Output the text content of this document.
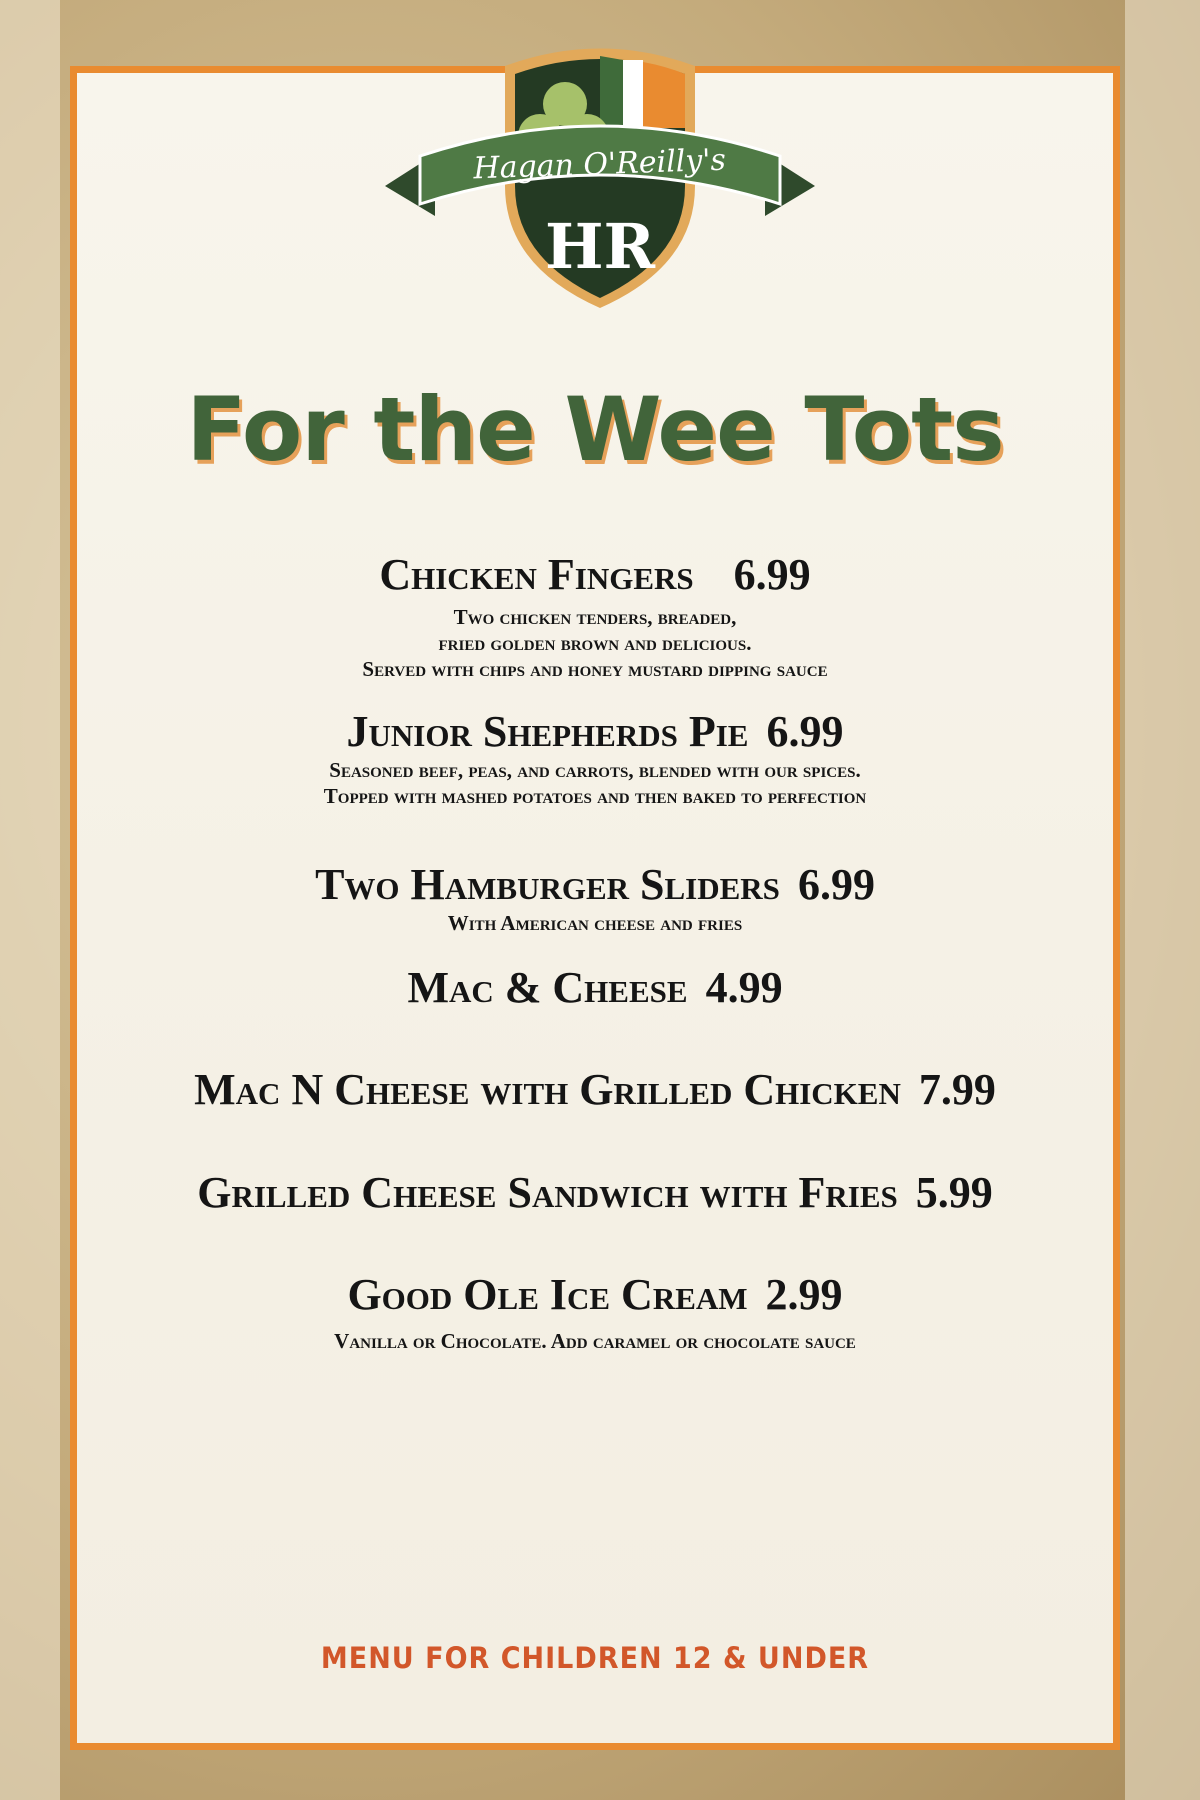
Hagan O'Reilly's
HR
For the Wee Tots
Chicken Fingers 6.99
Two chicken tenders, breaded,
fried golden brown and delicious.
Served with chips and honey mustard dipping sauce
Junior Shepherds Pie 6.99
Seasoned beef, peas, and carrots, blended with our spices.
Topped with mashed potatoes and then baked to perfection
Two Hamburger Sliders 6.99
With American cheese and fries
Mac & Cheese 4.99
Mac N Cheese with Grilled Chicken 7.99
Grilled Cheese Sandwich with Fries 5.99
Good Ole Ice Cream 2.99
Vanilla or Chocolate. Add caramel or chocolate sauce
MENU FOR CHILDREN 12 & UNDER
